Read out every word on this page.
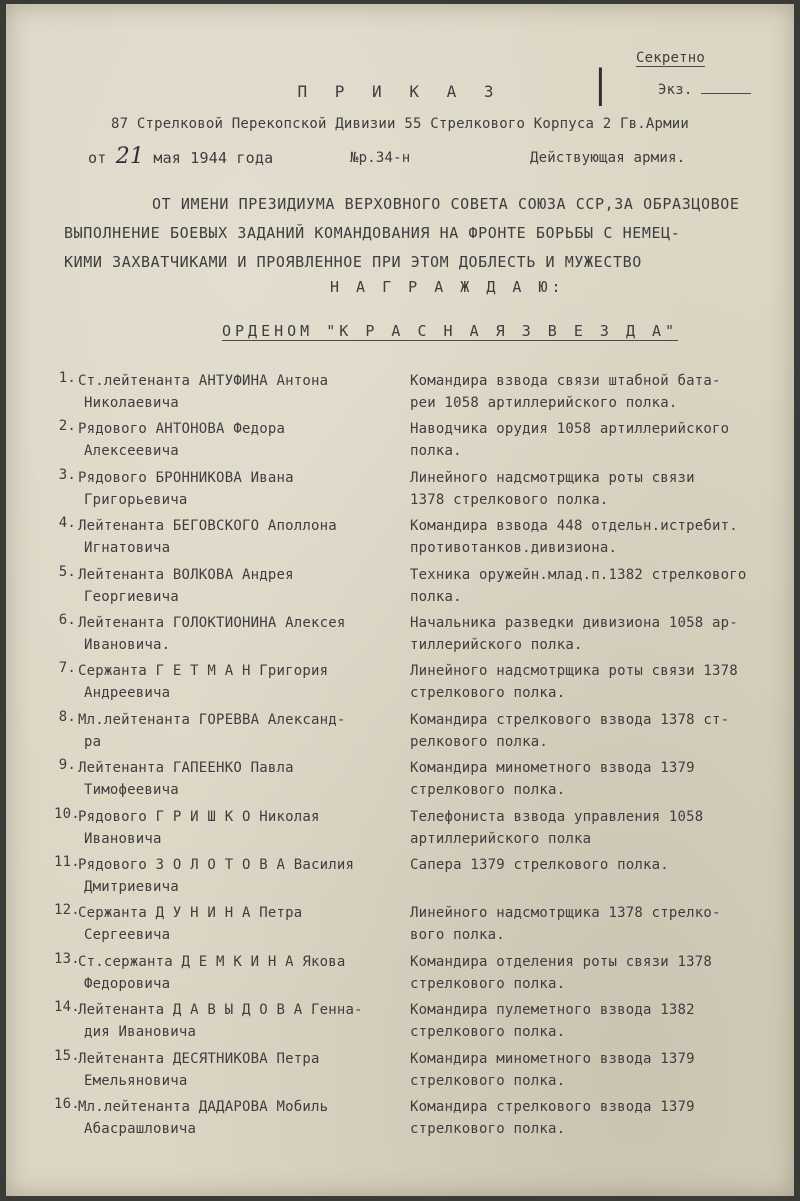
Секретно
Экз.
|
П Р И К А З
87 Стрелковой Перекопской Дивизии 55 Стрелкового Корпуса 2 Гв.Армии
от 21 мая 1944 года	№р.34-н	Действующая армия.
ОТ ИМЕНИ ПРЕЗИДИУМА ВЕРХОВНОГО СОВЕТА СОЮЗА ССР,ЗА ОБРАЗЦОВОЕ
ВЫПОЛНЕНИЕ БОЕВЫХ ЗАДАНИЙ КОМАНДОВАНИЯ НА ФРОНТЕ БОРЬБЫ С НЕМЕЦ-
КИМИ ЗАХВАТЧИКАМИ И ПРОЯВЛЕННОЕ ПРИ ЭТОМ ДОБЛЕСТЬ И МУЖЕСТВО
Н А Г Р А Ж Д А Ю:
ОРДЕНОМ "К Р А С Н А Я З В Е З Д А"
1. Ст.лейтенанта АНТУФИНА Антона
Николаевича
Командира взвода связи штабной бата-
реи 1058 артиллерийского полка.
2. Рядового АНТОНОВА Федора
Алексеевича
Наводчика орудия 1058 артиллерийского
полка.
3. Рядового БРОННИКОВА Ивана
Григорьевича
Линейного надсмотрщика роты связи
1378 стрелкового полка.
4. Лейтенанта БЕГОВСКОГО Аполлона
Игнатовича
Командира взвода 448 отдельн.истребит.
противотанков.дивизиона.
5. Лейтенанта ВОЛКОВА Андрея
Георгиевича
Техника оружейн.млад.п.1382 стрелкового
полка.
6. Лейтенанта ГОЛОКТИОНИНА Алексея
Ивановича.
Начальника разведки дивизиона 1058 ар-
тиллерийского полка.
7. Сержанта Г Е Т М А Н Григория
Андреевича
Линейного надсмотрщика роты связи 1378
стрелкового полка.
8. Мл.лейтенанта ГОРЕВВА Александ-
ра
Командира стрелкового взвода 1378 ст-
релкового полка.
9. Лейтенанта ГАПЕЕНКО Павла
Тимофеевича
Командира минометного взвода 1379
стрелкового полка.
10.
Рядового Г Р И Ш К О Николая
Ивановича
Телефониста взвода управления 1058
артиллерийского полка
11.
Рядового З О Л О Т О В А Василия
Дмитриевича
Сапера 1379 стрелкового полка.
12.
Сержанта Д У Н И Н А Петра
Сергеевича
Линейного надсмотрщика 1378 стрелко-
вого полка.
13.
Ст.сержанта Д Е М К И Н А Якова
Федоровича
Командира отделения роты связи 1378
стрелкового полка.
14.
Лейтенанта Д А В Ы Д О В А Генна-
дия Ивановича
Командира пулеметного взвода 1382
стрелкового полка.
15.
Лейтенанта ДЕСЯТНИКОВА Петра
Емельяновича
Командира минометного взвода 1379
стрелкового полка.
16.
Мл.лейтенанта ДАДАРОВА Мобиль
Абасрашловича
Командира стрелкового взвода 1379
стрелкового полка.
